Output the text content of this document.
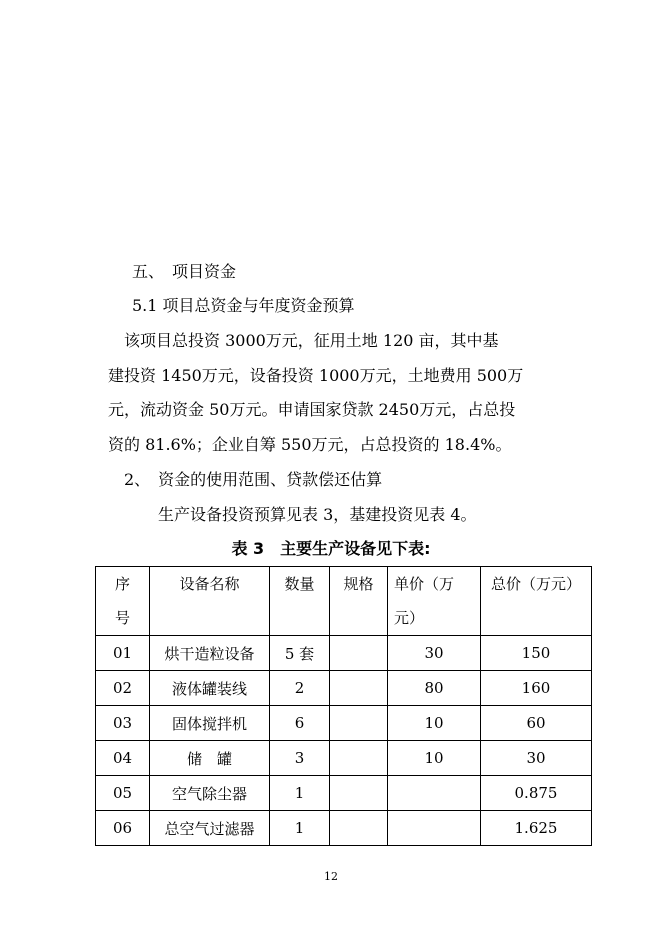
五、　项目资金
5.1 项目总资金与年度资金预算
　该项目总投资 3000万元，征用土地 120 亩，其中基
建投资 1450万元，设备投资 1000万元，土地费用 500万
元，流动资金 50万元。申请国家贷款 2450万元，占总投
资的 81.6%；企业自筹 550万元，占总投资的 18.4%。
2、　资金的使用范围、贷款偿还估算
生产设备投资预算见表 3，基建投资见表 4。
表 3　主要生产设备见下表:
序号	设备名称	数量	规格	单价（万元）	总价（万元）

01	烘干造粒设备	5 套		30	150
02	液体罐装线	2		80	160
03	固体搅拌机	6		10	60
04	储　罐	3		10	30
05	空气除尘器	1			0.875
06	总空气过滤器	1			1.625
12
